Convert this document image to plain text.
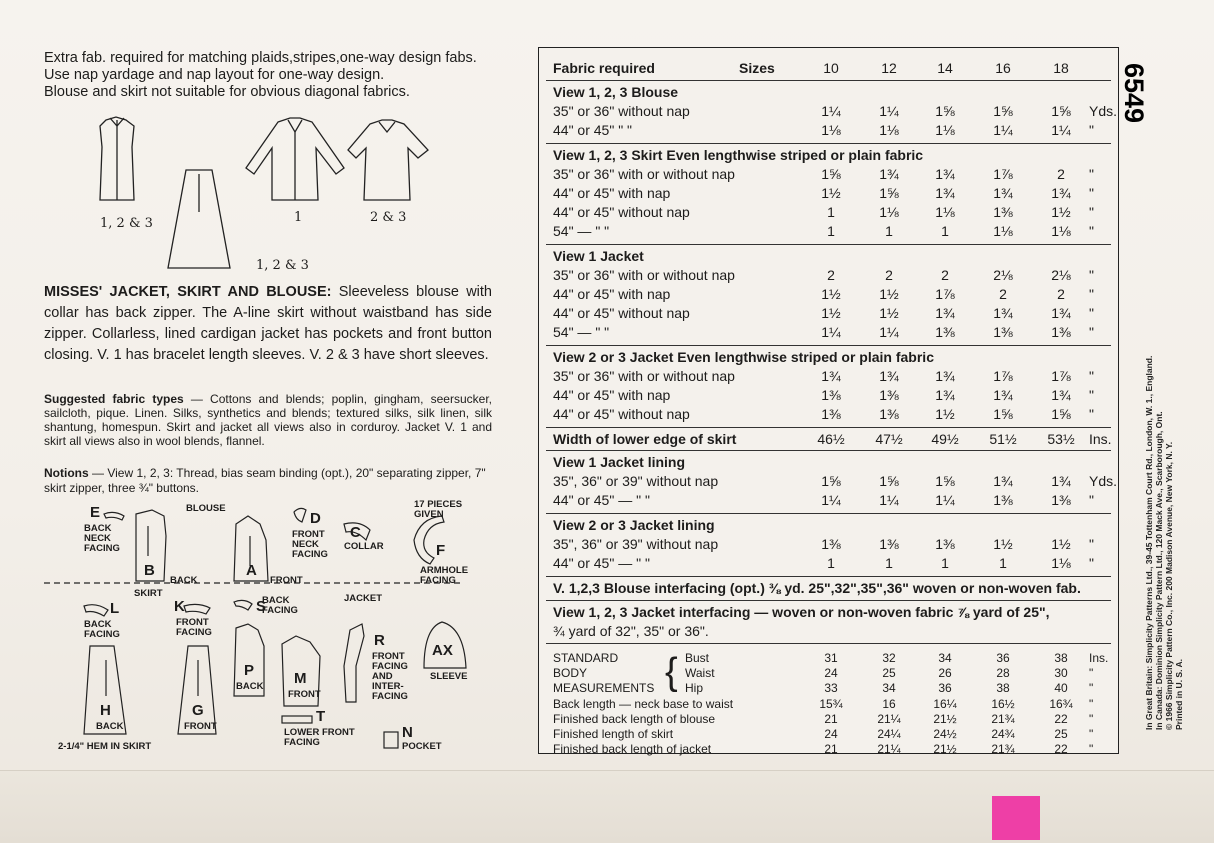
Extra fab. required for matching plaids,stripes,one-way design fabs.

Use nap yardage and nap layout for one-way design.

Blouse and skirt not suitable for obvious diagonal fabrics.

1, 2 & 3	1	2 & 3
1, 2 & 3
MISSES' JACKET, SKIRT AND BLOUSE: Sleeveless blouse with collar has back zipper. The A-line skirt without waistband has side zipper. Collarless, lined cardigan jacket has pockets and front button closing. V. 1 has bracelet length sleeves. V. 2 & 3 have short sleeves.
Suggested fabric types — Cottons and blends; poplin, gingham, seersucker, sailcloth, pique. Linen. Silks, synthetics and blends; textured silks, silk linen, silk shantung, homespun. Skirt and jacket all views also in corduroy. Jacket V. 1 and skirt all views also in wool blends, flannel.
Notions — View 1, 2, 3: Thread, bias seam binding (opt.), 20" separating zipper, 7" skirt zipper, three ¾" buttons.
17 PIECES GIVEN
BLOUSE
SKIRT	JACKET
E
BACK NECK FACING
B
BACK
A
FRONT
D
FRONT NECK FACING
C
COLLAR	F
ARMHOLE FACING
L
BACK FACING
K
FRONT FACING
S
BACK FACING
H
BACK
G
FRONT
P
BACK M
FRONT
R
FRONT FACING AND INTER-FACING
AX
SLEEVE
T
LOWER FRONT FACING
N
POCKET
2-1/4" HEM IN SKIRT
Fabric required	Sizes	10	12	14	16	18
View 1, 2, 3 Blouse
35" or 36" without nap	1¼	1¼	1⅝	1⅝	1⅝	Yds.
44" or 45" " "	1⅛	1⅛	1⅛	1¼	1¼	"
View 1, 2, 3 Skirt Even lengthwise striped or plain fabric
35" or 36" with or without nap	1⅝	1¾	1¾	1⅞	2	"
44" or 45" with nap	1½	1⅝	1¾	1¾	1¾	"
44" or 45" without nap	1	1⅛	1⅛	1⅜	1½	"
54" — " "	1	1	1	1⅛	1⅛	"
View 1 Jacket
35" or 36" with or without nap	2	2	2	2⅛	2⅛	"
44" or 45" with nap	1½	1½	1⅞	2	2	"
44" or 45" without nap	1½	1½	1¾	1¾	1¾	"
54" — " "	1¼	1¼	1⅜	1⅜	1⅜	"
View 2 or 3 Jacket Even lengthwise striped or plain fabric
35" or 36" with or without nap	1¾	1¾	1¾	1⅞	1⅞	"
44" or 45" with nap	1⅜	1⅜	1¾	1¾	1¾	"
44" or 45" without nap	1⅜	1⅜	1½	1⅝	1⅝	"
Width of lower edge of skirt	46½	47½	49½	51½	53½	Ins.
View 1 Jacket lining
35", 36" or 39" without nap	1⅝	1⅝	1⅝	1¾	1¾	Yds.
44" or 45" — " "	1¼	1¼	1¼	1⅜	1⅜	"
View 2 or 3 Jacket lining
35", 36" or 39" without nap	1⅜	1⅜	1⅜	1½	1½	"
44" or 45" — " "	1	1	1	1	1⅛	"
V. 1,2,3 Blouse interfacing (opt.) ⅜ yd. 25",32",35",36" woven or non-woven fab.
View 1, 2, 3 Jacket interfacing — woven or non-woven fabric ⅞ yard of 25",
¾ yard of 32", 35" or 36".
STANDARD
BODY
MEASUREMENTS { Bust	31	32	34	36	38	Ins.
Waist	24	25	26	28	30	"
Hip	33	34	36	38	40	"
Back length — neck base to waist	15¾	16	16¼	16½	16¾	"
Finished back length of blouse	21	21¼	21½	21¾	22	"
Finished length of skirt	24	24¼	24½	24¾	25	"
Finished back length of jacket	21	21¼	21½	21¾	22	"
6549
© 1966 Simplicity Pattern Co., Inc. 200 Madison Avenue, New York, N. Y.
In Canada: Dominion Simplicity Pattern Ltd., 120 Mack Ave., Scarborough, Ont.
In Great Britain: Simplicity Patterns Ltd., 39-45 Tottenham Court Rd., London, W. 1., England. Printed in U. S. A.
